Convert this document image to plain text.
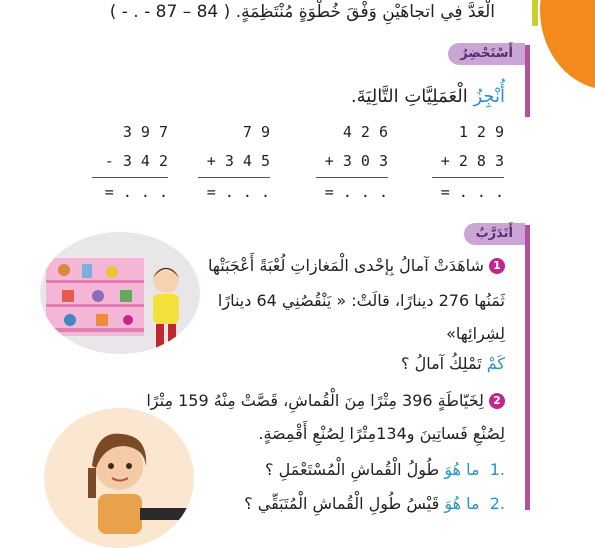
الْعَدَّ فِي اتجاهَيْنِ وَفْقَ خُطْوَةٍ مُنْتَظِمَةٍ. ( 84 – 87 - . - )
أَسْتَحْضِرُ
أُنْجِزُ الْعَمَلِيَّاتِ التَّالِيَةَ.
1 2 9
+ 2 8 3
= . . .
4 2 6
+ 3 0 3
= . . .
7 9
+ 3 4 5
= . . .
3 9 7
- 3 4 2
= . . .
أَتَدَرَّبُ
1 شاهَدَتْ آمالُ بِإحْدى الْمَغازاتِ لُعْبَةً أَعْجَبَتْها
ثَمَنُها 276 دينارًا، قالَتْ: « يَنْقُصُنِي 64 دينارًا
لِشِرائِها»
كَمْ تَمْلِكُ آمالُ ؟
2 لِخَيّاطَةٍ 396 مِتْرًا مِنَ الْقُماشِ، قَصَّتْ مِنْهُ 159 مِتْرًا
لِصُنْعِ فَساتِينَ و134مِتْرًا لِصُنْعِ أَقْمِصَةٍ.
.1  ما هُوَ طُولُ الْقُماشِ الْمُسْتَعْمَلِ ؟
.2  ما هُوَ قَيْسُ طُولِ الْقُماشِ الْمُتَبَقِّي ؟
